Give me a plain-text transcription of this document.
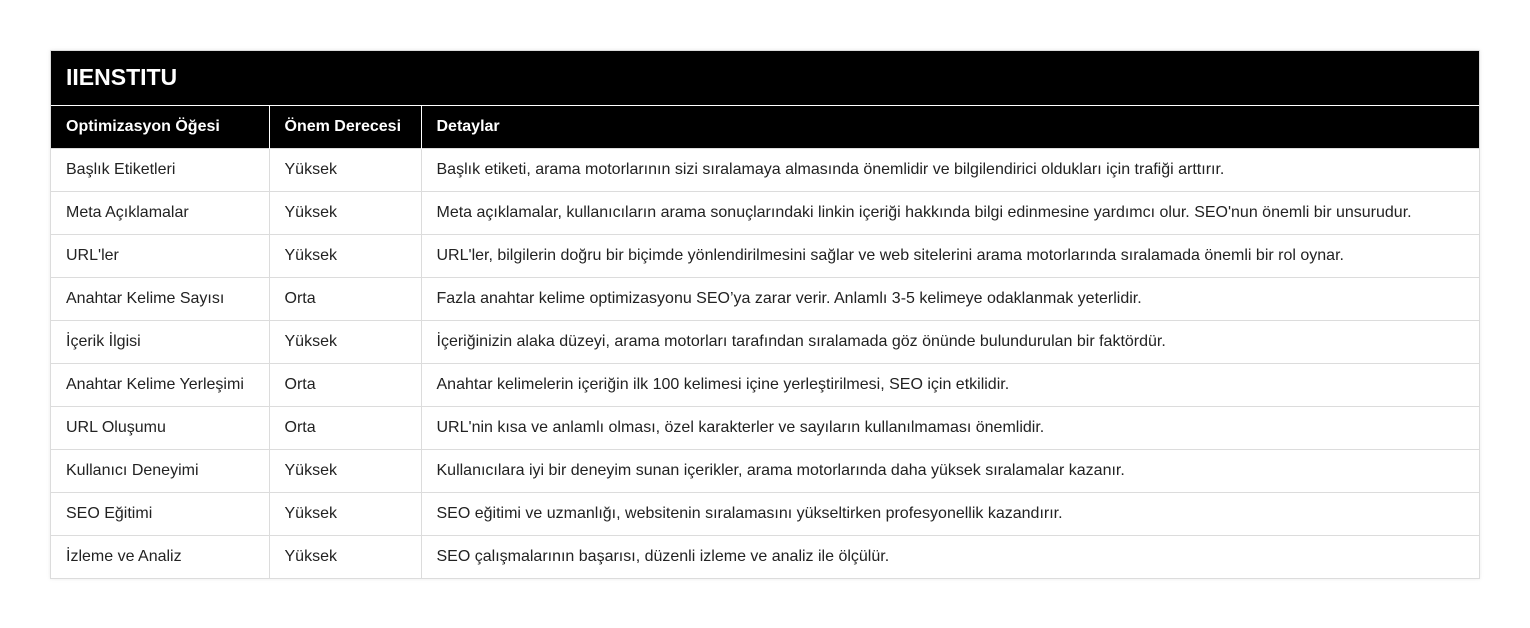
IIENSTITU		
Optimizasyon Öğesi	Önem Derecesi	Detaylar
Başlık Etiketleri	Yüksek	Başlık etiketi, arama motorlarının sizi sıralamaya almasında önemlidir ve bilgilendirici oldukları için trafiği arttırır.
Meta Açıklamalar	Yüksek	Meta açıklamalar, kullanıcıların arama sonuçlarındaki linkin içeriği hakkında bilgi edinmesine yardımcı olur. SEO'nun önemli bir unsurudur.
URL'ler	Yüksek	URL'ler, bilgilerin doğru bir biçimde yönlendirilmesini sağlar ve web sitelerini arama motorlarında sıralamada önemli bir rol oynar.
Anahtar Kelime Sayısı	Orta	Fazla anahtar kelime optimizasyonu SEO’ya zarar verir. Anlamlı 3-5 kelimeye odaklanmak yeterlidir.
İçerik İlgisi	Yüksek	İçeriğinizin alaka düzeyi, arama motorları tarafından sıralamada göz önünde bulundurulan bir faktördür.
Anahtar Kelime Yerleşimi	Orta	Anahtar kelimelerin içeriğin ilk 100 kelimesi içine yerleştirilmesi, SEO için etkilidir.
URL Oluşumu	Orta	URL'nin kısa ve anlamlı olması, özel karakterler ve sayıların kullanılmaması önemlidir.
Kullanıcı Deneyimi	Yüksek	Kullanıcılara iyi bir deneyim sunan içerikler, arama motorlarında daha yüksek sıralamalar kazanır.
SEO Eğitimi	Yüksek	SEO eğitimi ve uzmanlığı, websitenin sıralamasını yükseltirken profesyonellik kazandırır.
İzleme ve Analiz	Yüksek	SEO çalışmalarının başarısı, düzenli izleme ve analiz ile ölçülür.
